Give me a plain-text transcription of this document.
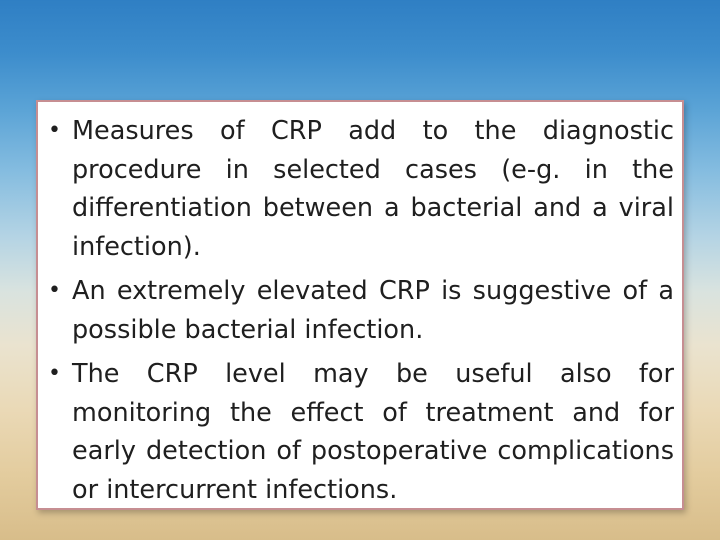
• Measures of CRP add to the diagnostic procedure in selected cases (e-g. in the differentiation between a bacterial and a viral infection).
• An extremely elevated CRP is suggestive of a possible bacterial infection.
• The CRP level may be useful also for monitoring the effect of treatment and for early detection of postoperative complications or intercurrent infections.
